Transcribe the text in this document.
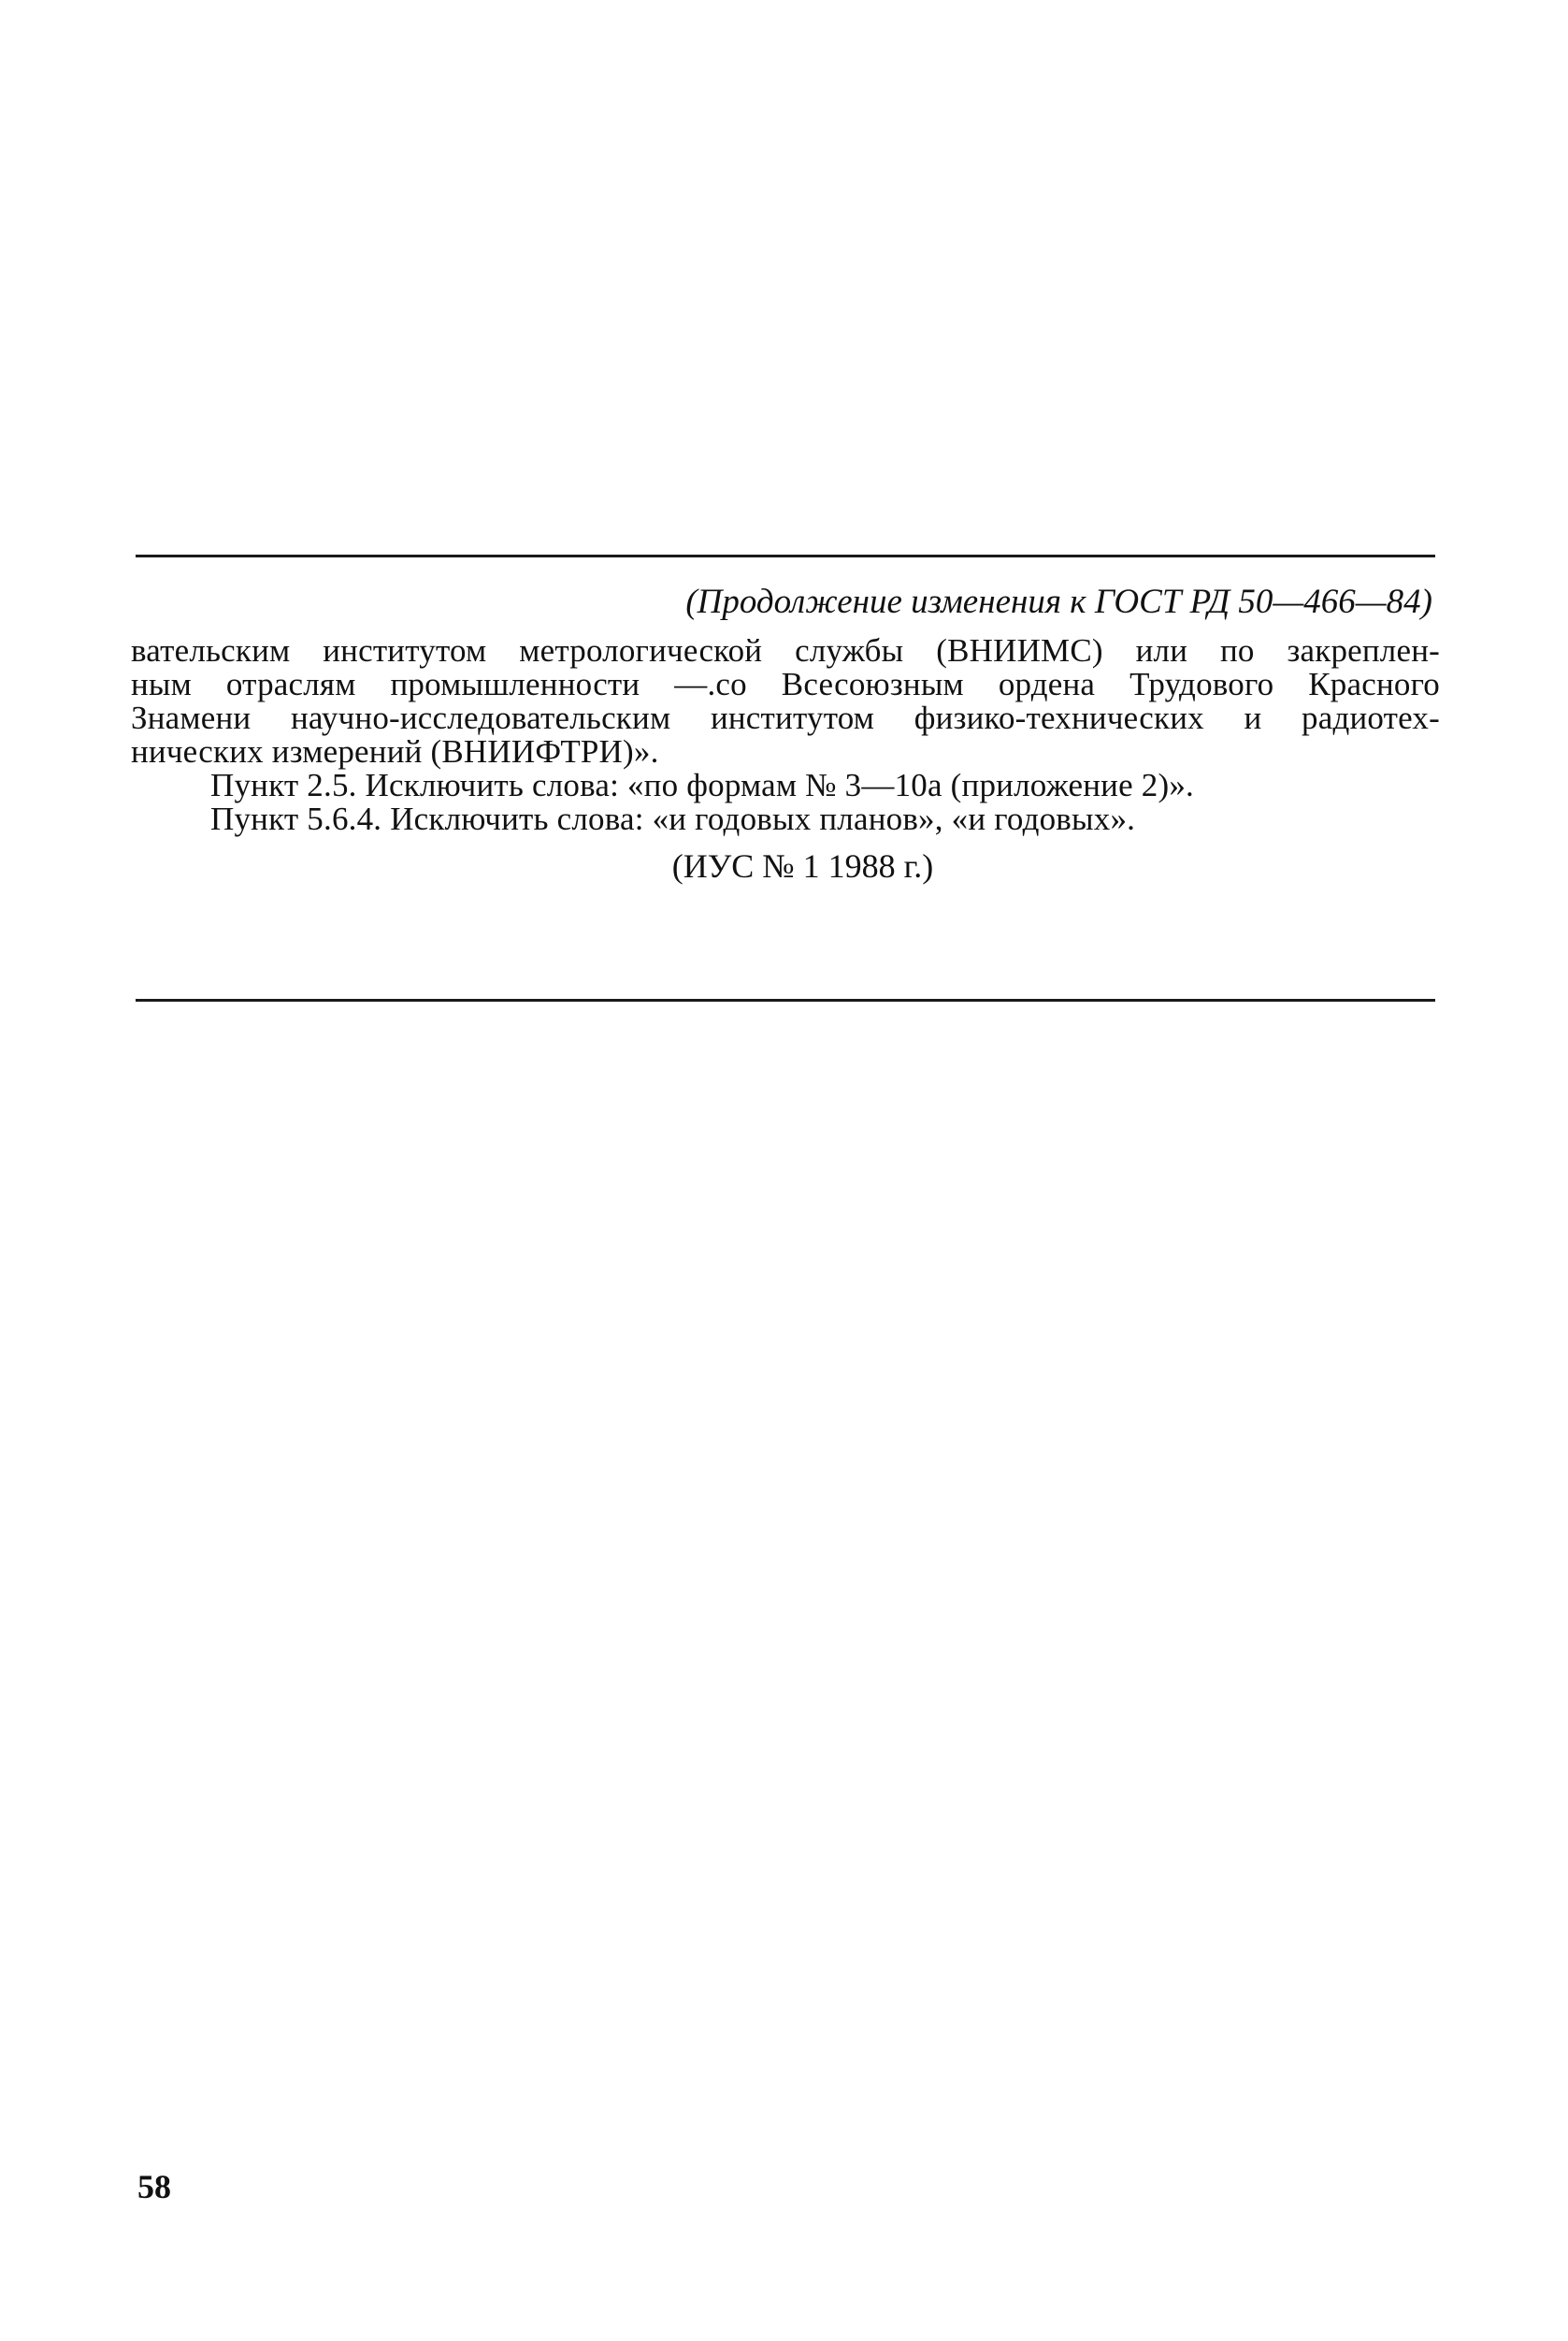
(Продолжение изменения к ГОСТ РД 50—466—84)
вательским институтом метрологической службы (ВНИИМС) или по закреплен-
ным отраслям промышленности —.со Всесоюзным ордена Трудового Красного
Знамени научно-исследовательским институтом физико-технических и радиотех-
нических измерений (ВНИИФТРИ)».
Пункт 2.5. Исключить слова: «по формам № 3—10а (приложение 2)».
Пункт 5.6.4. Исключить слова: «и годовых планов», «и годовых».
(ИУС № 1 1988 г.)
58
